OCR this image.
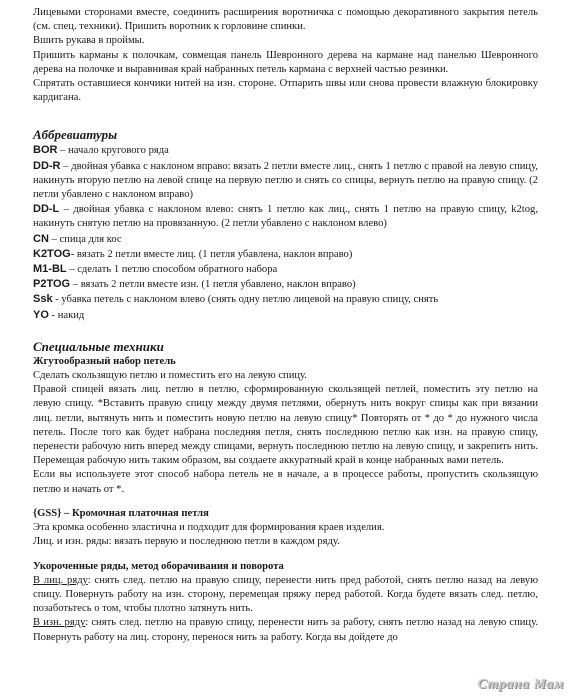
Лицевыми сторонами вместе, соединить расширения воротничка с помощью декоративного закрытия петель (см. спец. техники). Пришить воротник к горловине спинки.

Вшить рукава в проймы.

Пришить карманы к полочкам, совмещая панель Шевронного дерева на кармане над панелью Шевронного дерева на полочке и выравнивая край набранных петель кармана с верхней частью резинки.

Спрятать оставшиеся кончики нитей на изн. стороне. Отпарить швы или снова провести влажную блокировку кардигана.

Аббревиатуры

BOR – начало кругового ряда

DD-R – двойная убавка с наклоном вправо: вязать 2 петли вместе лиц., снять 1 петлю с правой на левую спицу, накинуть вторую петлю на левой спице на первую петлю и снять со спицы, вернуть петлю на правую спицу. (2 петли убавлено с наклоном вправо)

DD-L – двойная убавка с наклоном влево: снять 1 петлю как лиц., снять 1 петлю на правую спицу, k2tog, накинуть снятую петлю на провязанную. (2 петли убавлено с наклоном влево)

CN – спица для кос

K2TOG- вязать 2 петли вместе лиц. (1 петля убавлена, наклон вправо)

M1-BL – сделать 1 петлю способом обратного набора

P2TOG – вязать 2 петли вместе изн. (1 петля убавлено, наклон вправо)

Ssk - убавка петель с наклоном влево (снять одну петлю лицевой на правую спицу, снять

YO - накид

Специальные техники

Жгутообразный набор петель

Сделать скользящую петлю и поместить его на левую спицу.

Правой спицей вязать лиц. петлю в петлю, сформированную скользящей петлей, поместить эту петлю на левую спицу. *Вставить правую спицу между двумя петлями, обернуть нить вокруг спицы как при вязании лиц. петли, вытянуть нить и поместить новую петлю на левую спицу* Повторять от * до * до нужного числа петель. После того как будет набрана последняя петля, снять последнюю петлю как изн. на правую спицу, перенести рабочую нить вперед между спицами, вернуть последнюю петлю на левую спицу, и закрепить нить. Перемещая рабочую нить таким образом, вы создаете аккуратный край в конце набранных вами петель.

Если вы используете этот способ набора петель не в начале, а в процессе работы, пропустить скользящую петлю и начать от *.

{GSS} – Кромочная платочная петля

Эта кромка особенно эластична и подходит для формирования краев изделия.

Лиц. и изн. ряды: вязать первую и последнюю петли в каждом ряду.

Укороченные ряды, метод оборачивания и поворота

В лиц. ряду: снять след. петлю на правую спицу, перенести нить пред работой, снять петлю назад на левую спицу. Повернуть работу на изн. сторону, перемещая пряжу перед работой. Когда будете вязать след. петлю, позаботьтесь о том, чтобы плотно затянуть нить.

В изн. ряду: снять след. петлю на правую спицу, перенести нить за работу, снять петлю назад на левую спицу. Повернуть работу на лиц. сторону, перенося нить за работу. Когда вы дойдете до

Страна Мам
